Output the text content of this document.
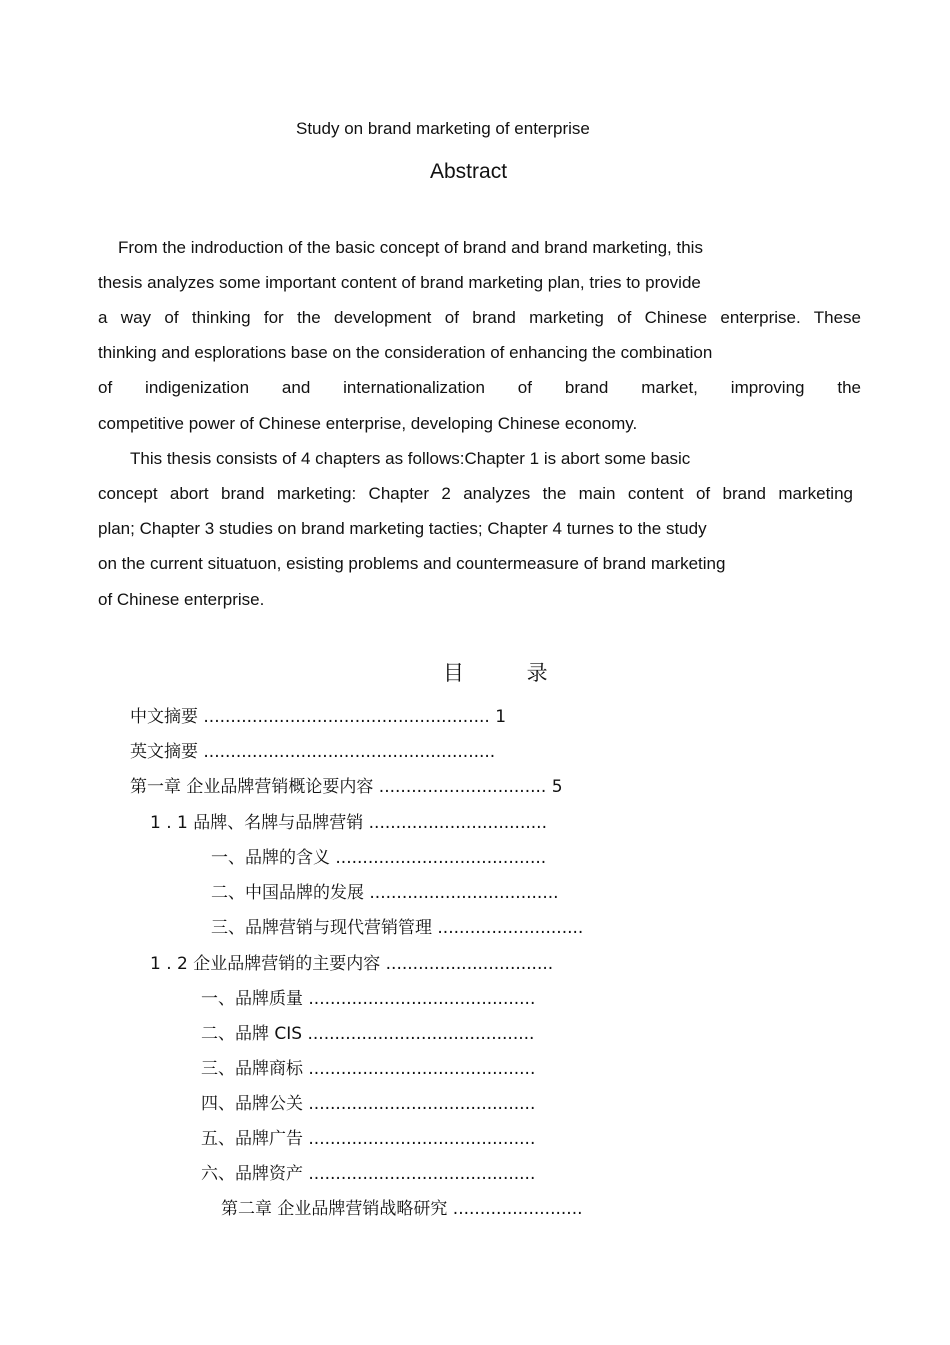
Study on brand marketing of enterprise
Abstract

From the indroduction of the basic concept of brand and brand marketing, this

thesis analyzes some important content of brand marketing plan, tries to provide

a way of thinking for the development of brand marketing of Chinese enterprise. These

thinking and esplorations base on the consideration of enhancing the combination

of indigenization and internationalization of brand market, improving the

competitive power of Chinese enterprise, developing Chinese economy.

This thesis consists of 4 chapters as follows:Chapter 1 is abort some basic

concept abort brand marketing: Chapter 2 analyzes the main content of brand marketing

plan; Chapter 3 studies on brand marketing tacties; Chapter 4 turnes to the study

on the current situatuon, esisting problems and countermeasure of brand marketing

of Chinese enterprise.

目 录
中文摘要 ..................................................... 1
英文摘要 ......................................................
第一章 企业品牌营销概论要内容 ............................... 5
1 . 1 品牌、名牌与品牌营销 .................................
一、品牌的含义 .......................................
二、中国品牌的发展 ...................................
三、品牌营销与现代营销管理 ...........................
1 . 2 企业品牌营销的主要内容 ...............................
一、品牌质量 ..........................................
二、品牌 CIS ..........................................
三、品牌商标 ..........................................
四、品牌公关 ..........................................
五、品牌广告 ..........................................
六、品牌资产 ..........................................
第二章 企业品牌营销战略研究 ........................
